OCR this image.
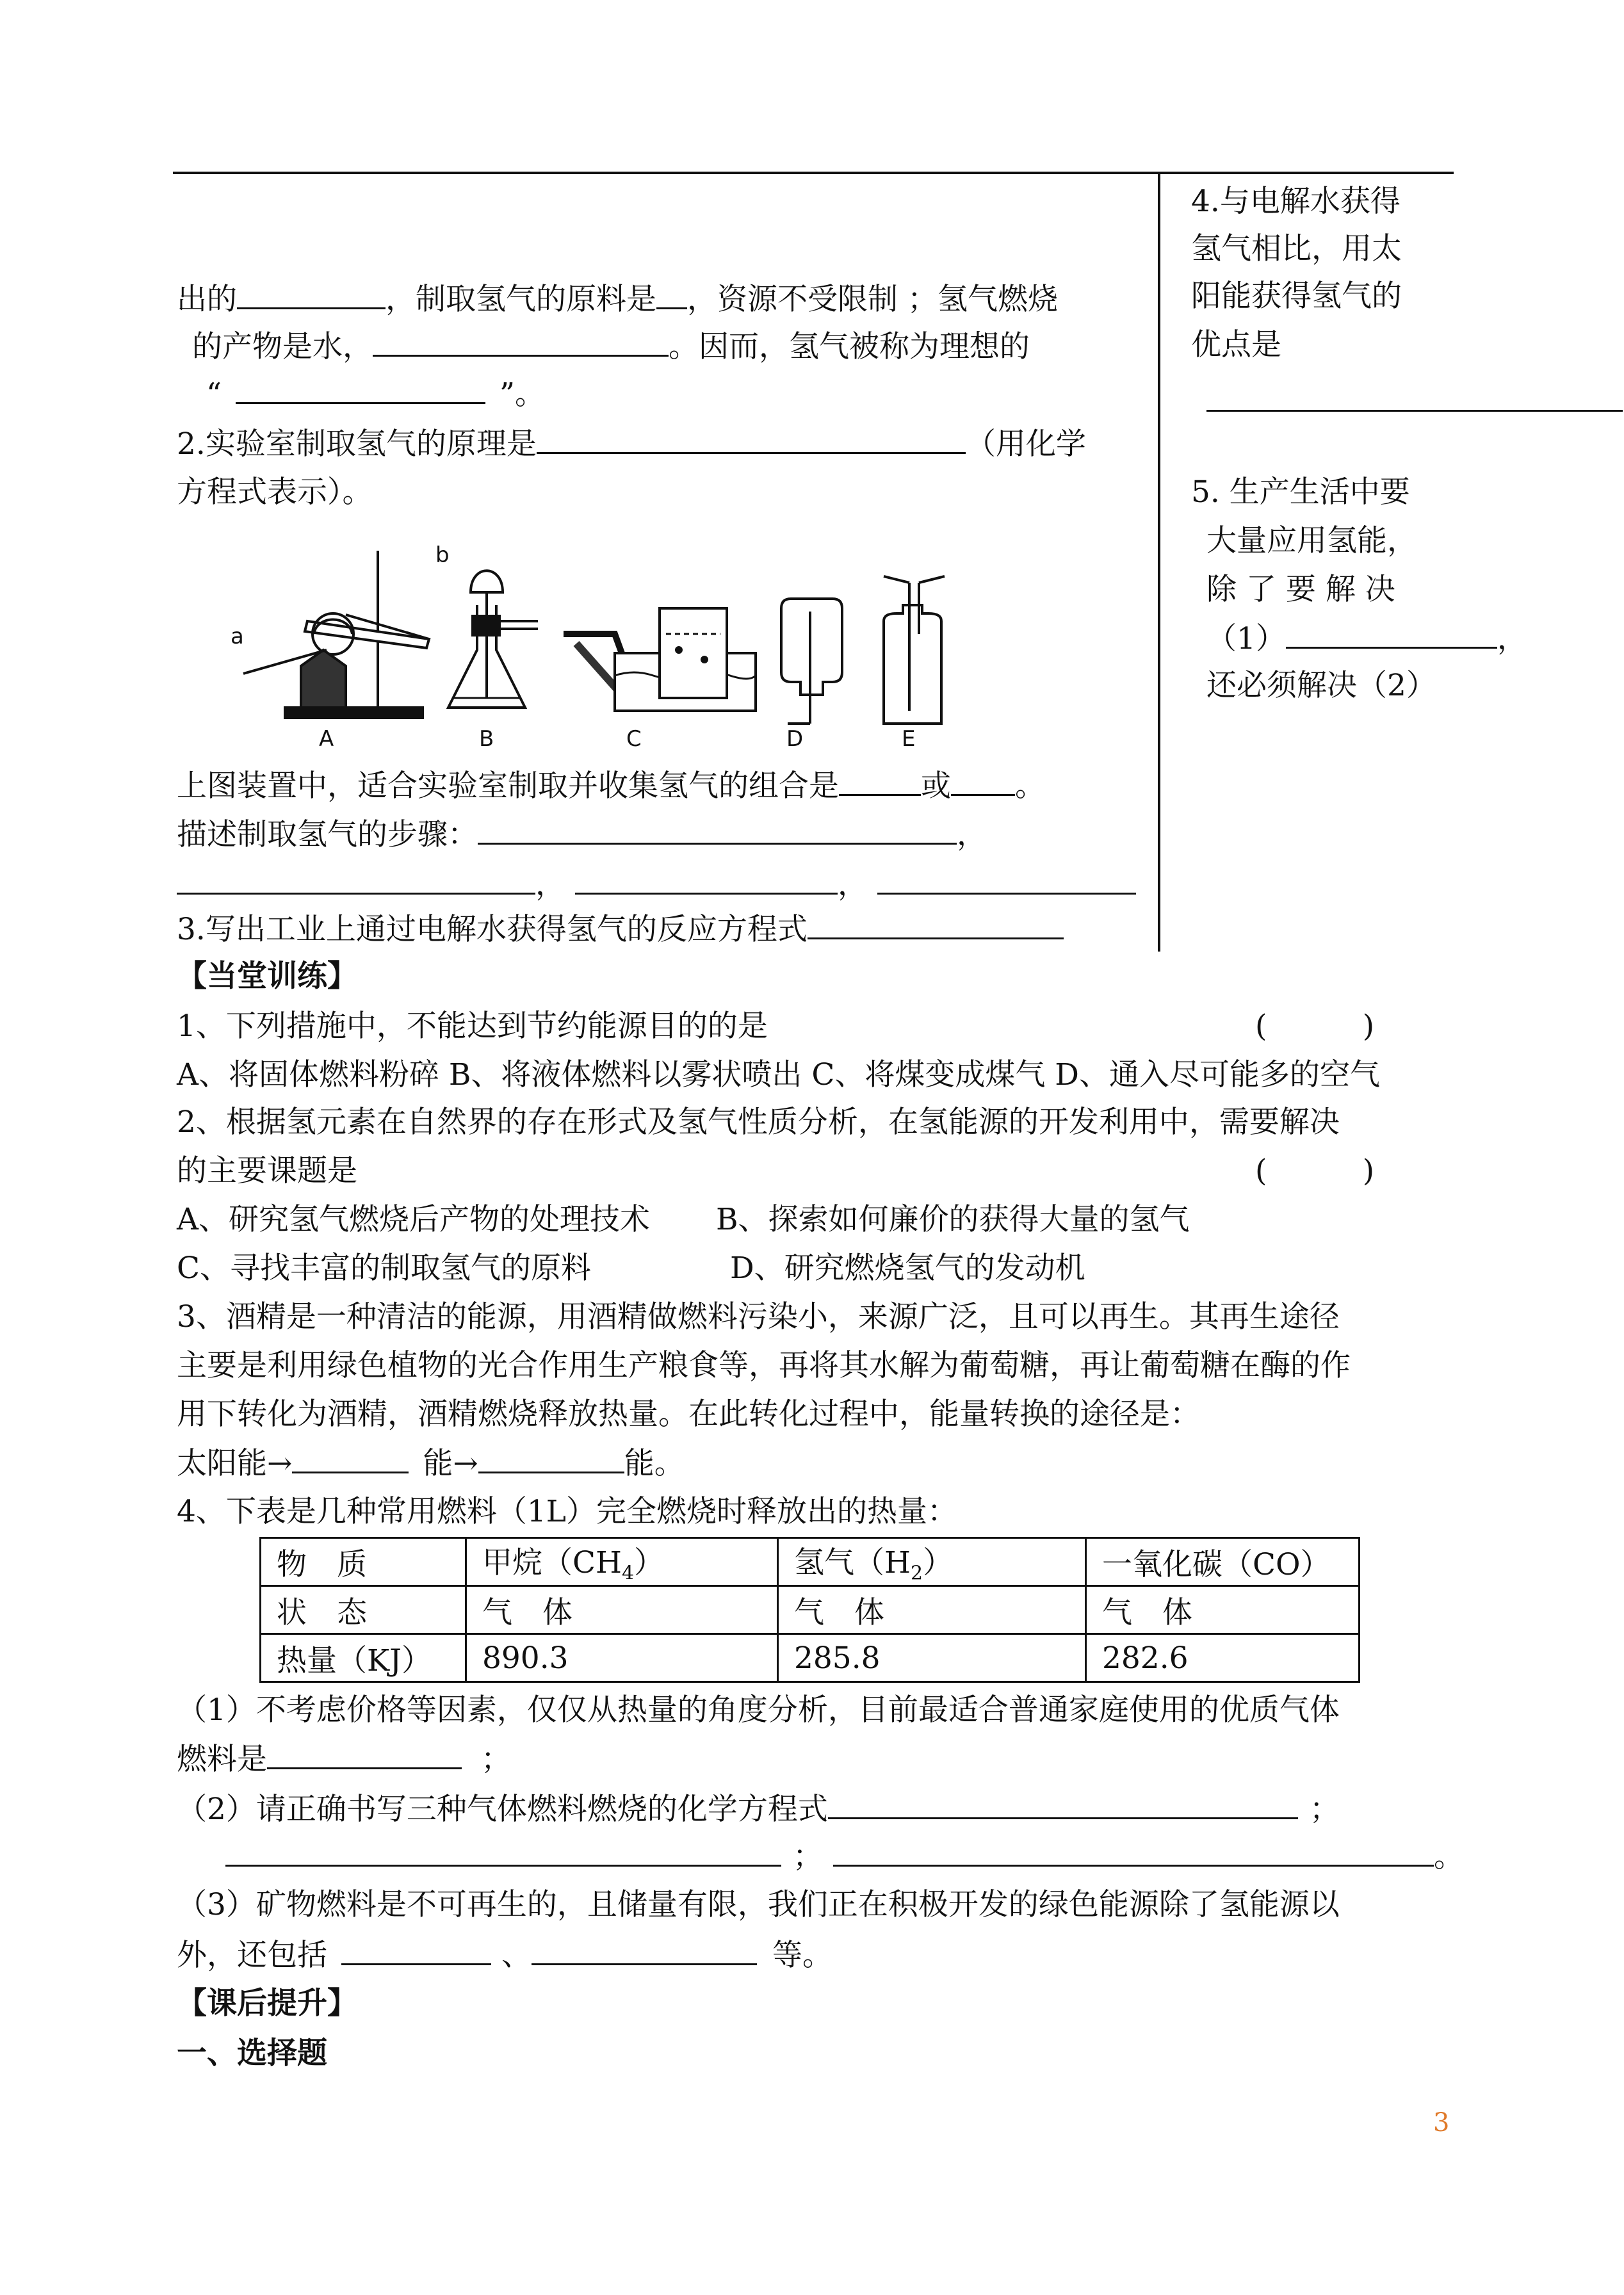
4.与电解水获得
氢气相比，用太
阳能获得氢气的
优点是
5. 生产生活中要
大量应用氢能，
除 了 要 解 决
（1）	，
还必须解决（2）
出的	，制取氢气的原料是 ，资源不受限制 ；氢气燃烧
的产物是水，	。因而，氢气被称为理想的
“	”。
2.实验室制取氢气的原理是	（用化学
方程式表示）。
a
b
A	B	C	D	E
上图装置中，适合实验室制取并收集氢气的组合是	或 。
描述制取氢气的步骤：	，
，	，
3.写出工业上通过电解水获得氢气的反应方程式
【当堂训练】
1、下列措施中，不能达到节约能源目的的是	(          )
A、将固体燃料粉碎 B、将液体燃料以雾状喷出 C、将煤变成煤气 D、通入尽可能多的空气
2、根据氢元素在自然界的存在形式及氢气性质分析，在氢能源的开发利用中，需要解决
的主要课题是	(          )
A、研究氢气燃烧后产物的处理技术 B、探索如何廉价的获得大量的氢气
C、寻找丰富的制取氢气的原料	D、研究燃烧氢气的发动机
3、酒精是一种清洁的能源，用酒精做燃料污染小，来源广泛，且可以再生。其再生途径
主要是利用绿色植物的光合作用生产粮食等，再将其水解为葡萄糖，再让葡萄糖在酶的作
用下转化为酒精，酒精燃烧释放热量。在此转化过程中，能量转换的途径是：
太阳能→	能→	能。
4、下表是几种常用燃料（1L）完全燃烧时释放出的热量：
物　质	甲烷$(CH_4)$	氢气$(H_2)$	一氧化碳（CO）
状　态	气　体	气　体	气　体
热量（KJ）	890.3	285.8	282.6
（1）不考虑价格等因素，仅仅从热量的角度分析，目前最适合普通家庭使用的优质气体
燃料是	；
（2）请正确书写三种气体燃料燃烧的化学方程式	；
；	。
（3）矿物燃料是不可再生的，且储量有限，我们正在积极开发的绿色能源除了氢能源以
外，还包括	、	等。
【课后提升】
一、选择题
3
